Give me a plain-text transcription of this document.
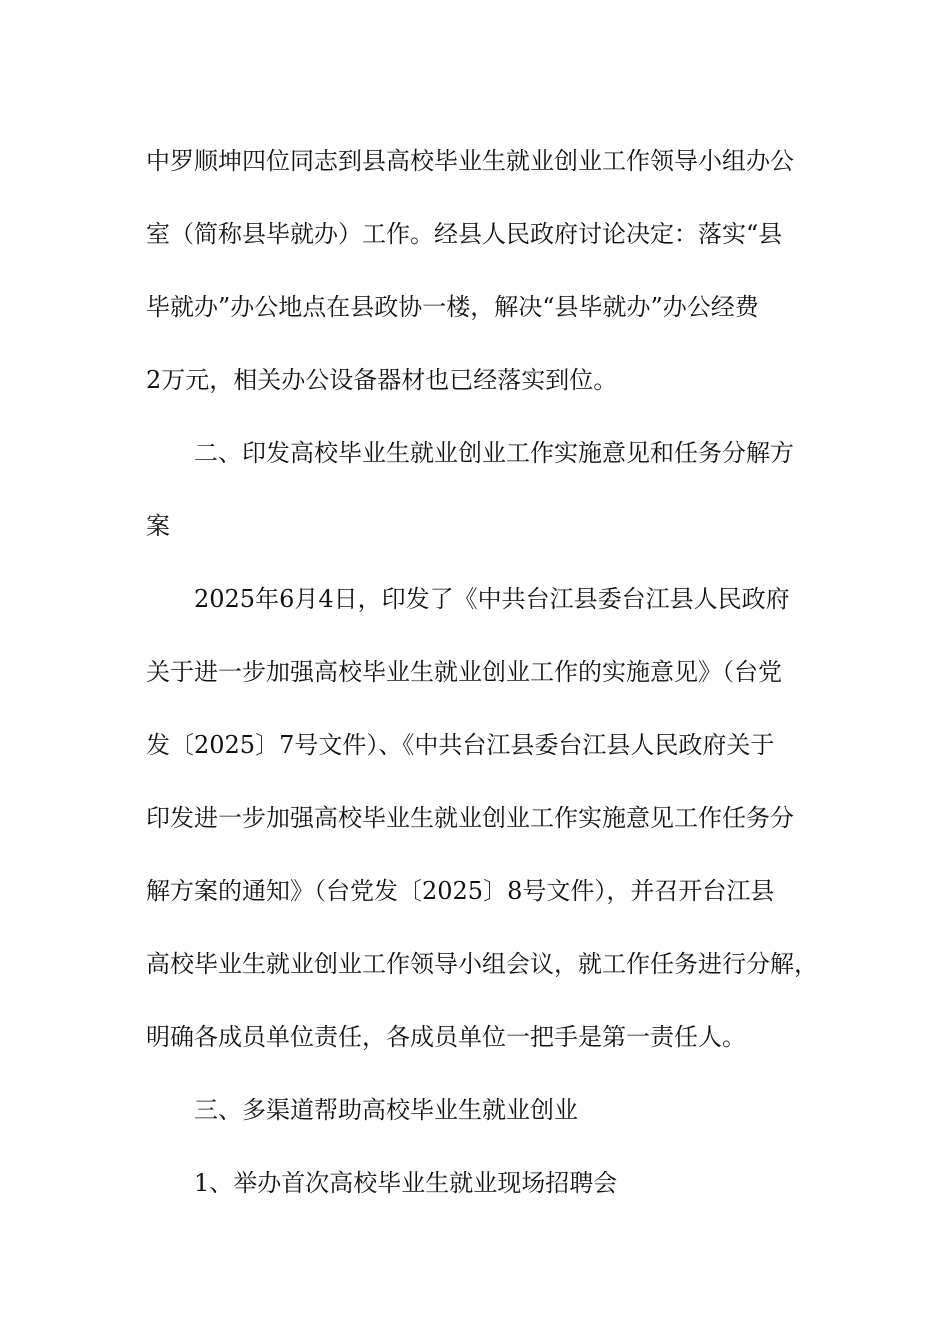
中罗顺坤四位同志到县高校毕业生就业创业工作领导小组办公
室（简称县毕就办）工作。经县人民政府讨论决定：落实“县
毕就办”办公地点在县政协一楼，解决“县毕就办”办公经费
2万元，相关办公设备器材也已经落实到位。
二、印发高校毕业生就业创业工作实施意见和任务分解方
案
2025年6月4日，印发了《中共台江县委台江县人民政府
关于进一步加强高校毕业生就业创业工作的实施意见》（台党
发〔2025〕7号文件）、《中共台江县委台江县人民政府关于
印发进一步加强高校毕业生就业创业工作实施意见工作任务分
解方案的通知》（台党发〔2025〕8号文件），并召开台江县
高校毕业生就业创业工作领导小组会议，就工作任务进行分解，
明确各成员单位责任，各成员单位一把手是第一责任人。
三、多渠道帮助高校毕业生就业创业
1、举办首次高校毕业生就业现场招聘会
